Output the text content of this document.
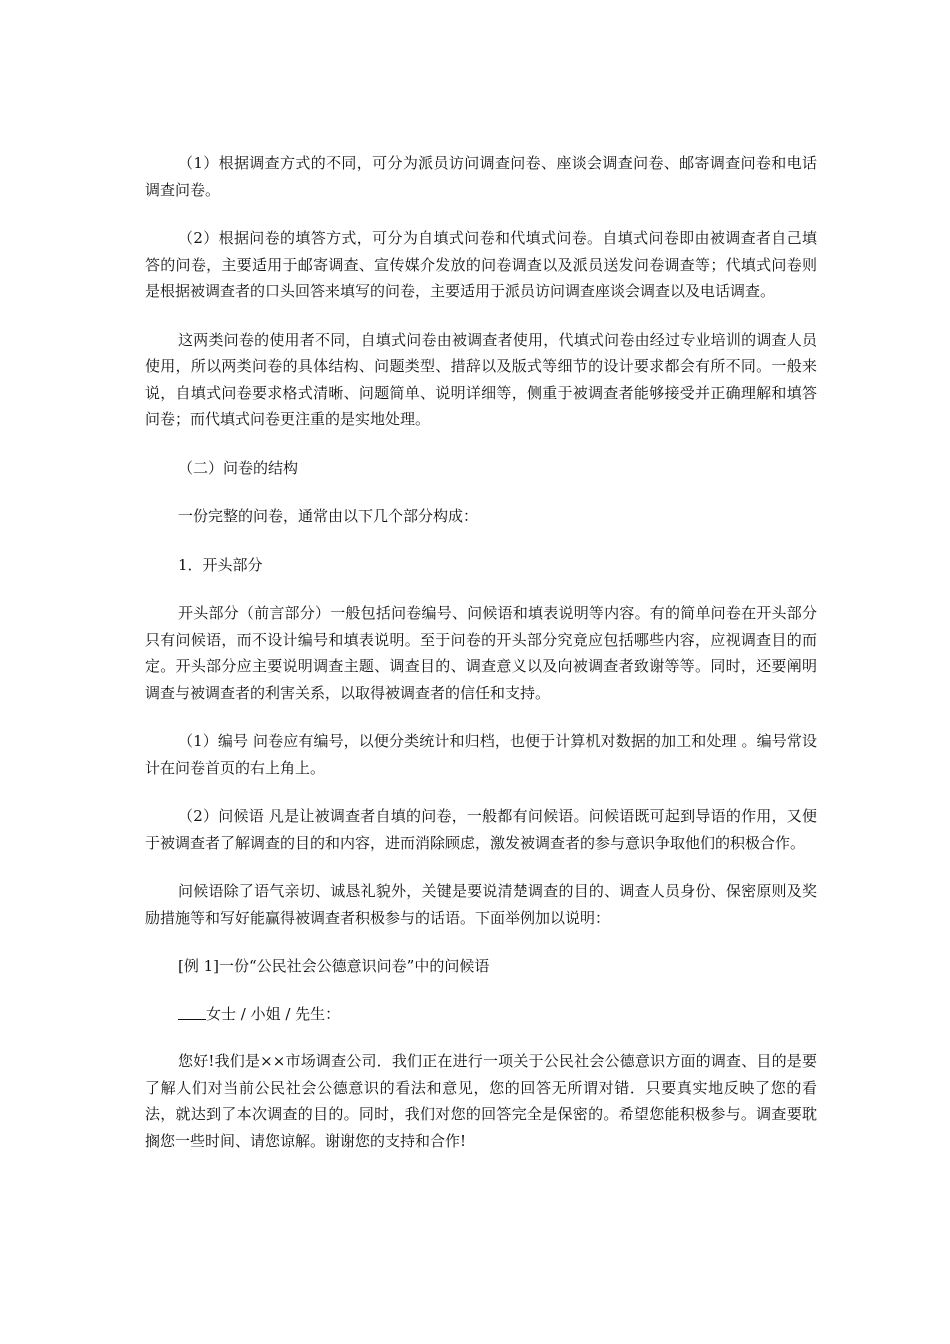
（1）根据调查方式的不同，可分为派员访问调查问卷、座谈会调查问卷、邮寄调查问卷和电话调查问卷。

（2）根据问卷的填答方式，可分为自填式问卷和代填式问卷。自填式问卷即由被调查者自己填答的问卷，主要适用于邮寄调查、宣传媒介发放的问卷调查以及派员送发问卷调查等；代填式问卷则是根据被调查者的口头回答来填写的问卷，主要适用于派员访问调查座谈会调查以及电话调查。

这两类问卷的使用者不同，自填式问卷由被调查者使用，代填式问卷由经过专业培训的调查人员使用，所以两类问卷的具体结构、问题类型、措辞以及版式等细节的设计要求都会有所不同。一般来说，自填式问卷要求格式清晰、问题简单、说明详细等，侧重于被调查者能够接受并正确理解和填答问卷；而代填式问卷更注重的是实地处理。

（二）问卷的结构

一份完整的问卷，通常由以下几个部分构成：

1．开头部分

开头部分（前言部分）一般包括问卷编号、问候语和填表说明等内容。有的简单问卷在开头部分只有问候语，而不设计编号和填表说明。至于问卷的开头部分究竟应包括哪些内容，应视调查目的而定。开头部分应主要说明调查主题、调查目的、调查意义以及向被调查者致谢等等。同时，还要阐明调查与被调查者的利害关系，以取得被调查者的信任和支持。

（1）编号 问卷应有编号，以便分类统计和归档，也便于计算机对数据的加工和处理 。编号常设计在问卷首页的右上角上。

（2）问候语 凡是让被调查者自填的问卷，一般都有问候语。问候语既可起到导语的作用，又便于被调查者了解调查的目的和内容，进而消除顾虑，激发被调查者的参与意识争取他们的积极合作。

问候语除了语气亲切、诚恳礼貌外，关键是要说清楚调查的目的、调查人员身份、保密原则及奖励措施等和写好能赢得被调查者积极参与的话语。下面举例加以说明：

[例 1]一份“公民社会公德意识问卷”中的问候语

女士 / 小姐 / 先生：

您好!我们是××市场调查公司．我们正在进行一项关于公民社会公德意识方面的调查、目的是要了解人们对当前公民社会公德意识的看法和意见，您的回答无所谓对错．只要真实地反映了您的看法，就达到了本次调查的目的。同时，我们对您的回答完全是保密的。希望您能积极参与。调查要耽搁您一些时间、请您谅解。谢谢您的支持和合作!
